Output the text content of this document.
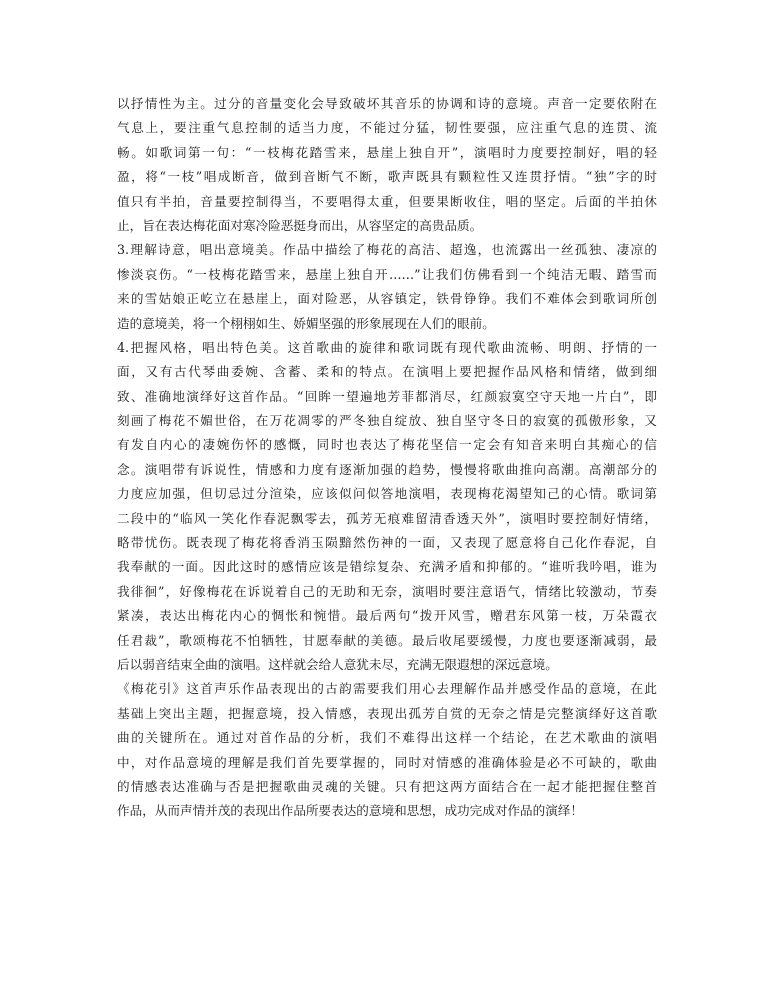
以抒情性为主。过分的音量变化会导致破坏其音乐的协调和诗的意境。声音一定要依附在
气息上，要注重气息控制的适当力度，不能过分猛，韧性要强，应注重气息的连贯、流
畅。如歌词第一句：“一枝梅花踏雪来，悬崖上独自开”，演唱时力度要控制好，唱的轻
盈，将“一枝”唱成断音，做到音断气不断，歌声既具有颗粒性又连贯抒情。“独”字的时
值只有半拍，音量要控制得当，不要唱得太重，但要果断收住，唱的坚定。后面的半拍休
止，旨在表达梅花面对寒冷险恶挺身而出，从容坚定的高贵品质。
3.理解诗意，唱出意境美。作品中描绘了梅花的高洁、超逸，也流露出一丝孤独、凄凉的
惨淡哀伤。“一枝梅花踏雪来，悬崖上独自开……”让我们仿佛看到一个纯洁无暇、踏雪而
来的雪姑娘正屹立在悬崖上，面对险恶，从容镇定，铁骨铮铮。我们不难体会到歌词所创
造的意境美，将一个栩栩如生、娇媚坚强的形象展现在人们的眼前。
4.把握风格，唱出特色美。这首歌曲的旋律和歌词既有现代歌曲流畅、明朗、抒情的一
面，又有古代琴曲委婉、含蓄、柔和的特点。在演唱上要把握作品风格和情绪，做到细
致、准确地演绎好这首作品。“回眸一望遍地芳菲都消尽，红颜寂寞空守天地一片白”，即
刻画了梅花不媚世俗，在万花凋零的严冬独自绽放、独自坚守冬日的寂寞的孤傲形象，又
有发自内心的凄婉伤怀的感慨，同时也表达了梅花坚信一定会有知音来明白其痴心的信
念。演唱带有诉说性，情感和力度有逐渐加强的趋势，慢慢将歌曲推向高潮。高潮部分的
力度应加强，但切忌过分渲染，应该似问似答地演唱，表现梅花渴望知己的心情。歌词第
二段中的“临风一笑化作春泥飘零去，孤芳无痕难留清香透天外”，演唱时要控制好情绪，
略带忧伤。既表现了梅花将香消玉陨黯然伤神的一面，又表现了愿意将自己化作春泥，自
我奉献的一面。因此这时的感情应该是错综复杂、充满矛盾和抑郁的。“谁听我吟唱，谁为
我徘徊”，好像梅花在诉说着自己的无助和无奈，演唱时要注意语气，情绪比较激动，节奏
紧凑，表达出梅花内心的惆怅和惋惜。最后两句“拨开风雪，赠君东风第一枝，万朵霞衣
任君裁”，歌颂梅花不怕牺牲，甘愿奉献的美德。最后收尾要缓慢，力度也要逐渐减弱，最
后以弱音结束全曲的演唱。这样就会给人意犹未尽，充满无限遐想的深远意境。
《梅花引》这首声乐作品表现出的古韵需要我们用心去理解作品并感受作品的意境，在此
基础上突出主题，把握意境，投入情感，表现出孤芳自赏的无奈之情是完整演绎好这首歌
曲的关键所在。通过对首作品的分析，我们不难得出这样一个结论，在艺术歌曲的演唱
中，对作品意境的理解是我们首先要掌握的，同时对情感的准确体验是必不可缺的，歌曲
的情感表达准确与否是把握歌曲灵魂的关键。只有把这两方面结合在一起才能把握住整首
作品，从而声情并茂的表现出作品所要表达的意境和思想，成功完成对作品的演绎！
